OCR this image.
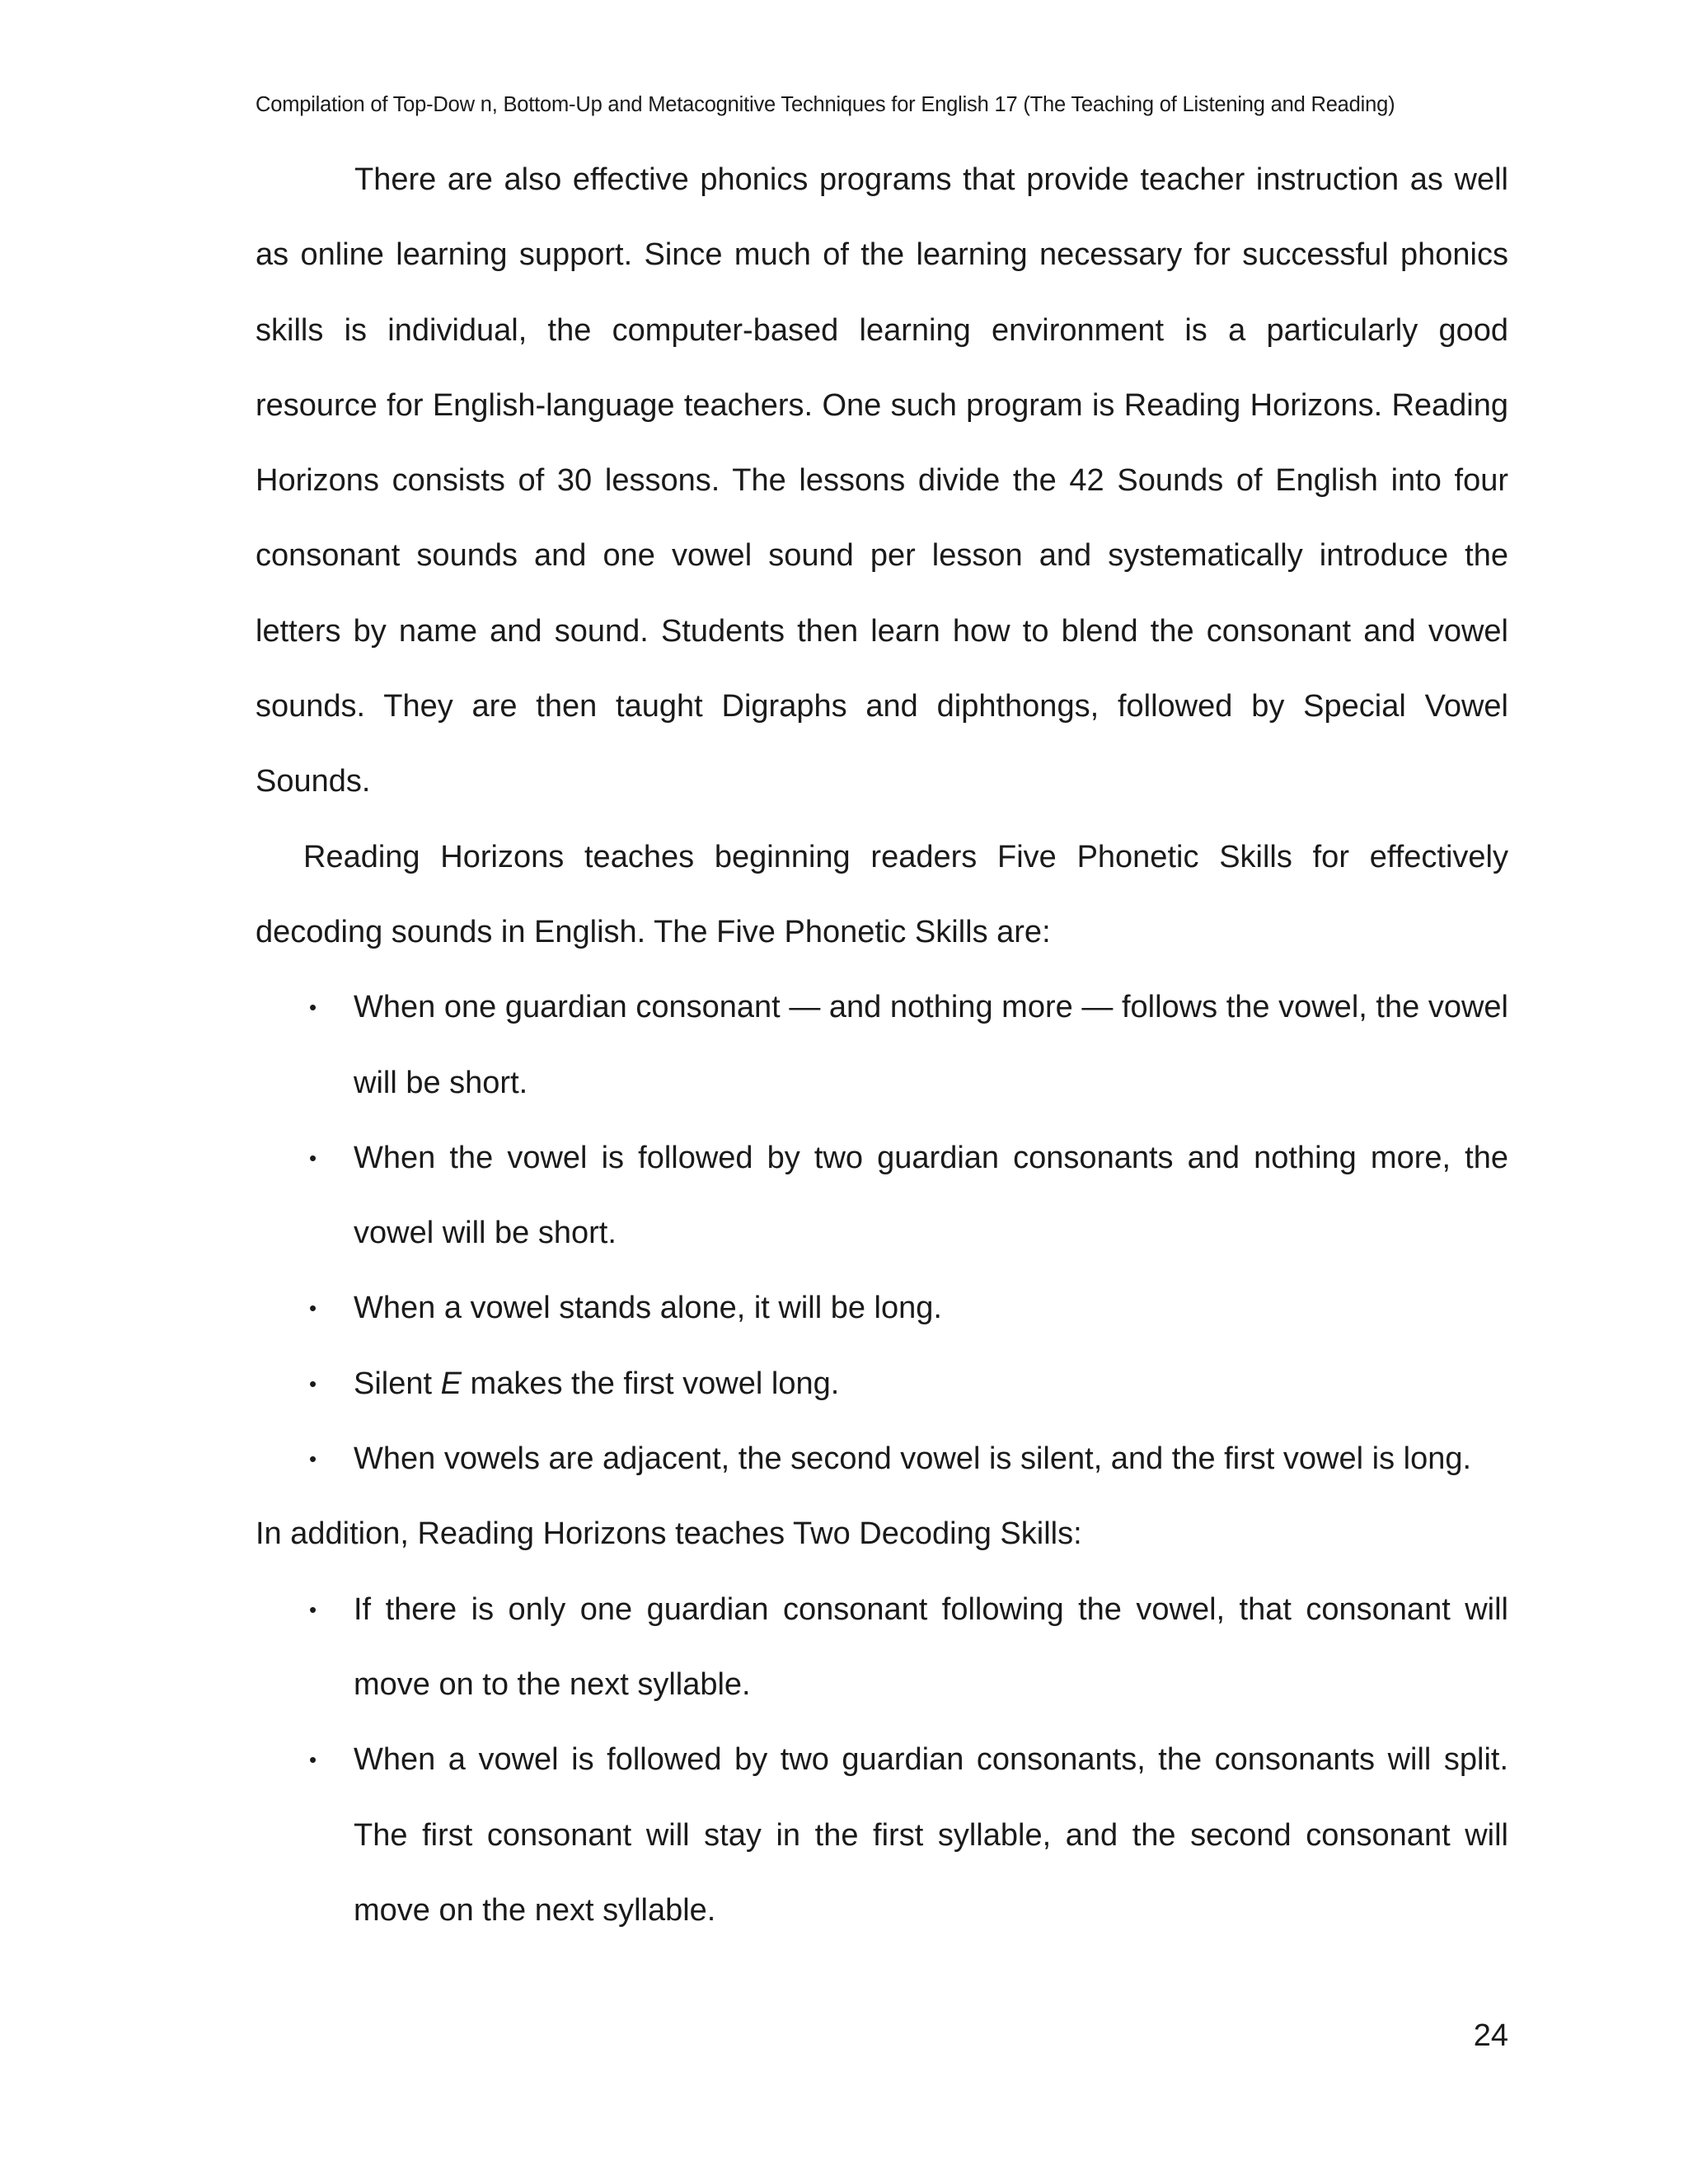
Compilation of Top-Dow n, Bottom-Up and Metacognitive Techniques for English 17 (The Teaching of Listening and Reading)

There are also effective phonics programs that provide teacher instruction as well as online learning support. Since much of the learning necessary for successful phonics skills is individual, the computer-based learning environment is a particularly good resource for English-language teachers. One such program is Reading Horizons. Reading Horizons consists of 30 lessons. The lessons divide the 42 Sounds of English into four consonant sounds and one vowel sound per lesson and systematically introduce the letters by name and sound. Students then learn how to blend the consonant and vowel sounds. They are then taught Digraphs and diphthongs, followed by Special Vowel Sounds.

Reading Horizons teaches beginning readers Five Phonetic Skills for effectively decoding sounds in English. The Five Phonetic Skills are:

•
When one guardian consonant — and nothing more — follows the vowel, the vowel will be short.
•
When the vowel is followed by two guardian consonants and nothing more, the vowel will be short.
•
When a vowel stands alone, it will be long.
•
Silent E makes the first vowel long.
•
When vowels are adjacent, the second vowel is silent, and the first vowel is long.

In addition, Reading Horizons teaches Two Decoding Skills:

•
If there is only one guardian consonant following the vowel, that consonant will move on to the next syllable.
•
When a vowel is followed by two guardian consonants, the consonants will split. The first consonant will stay in the first syllable, and the second consonant will move on the next syllable.
24
